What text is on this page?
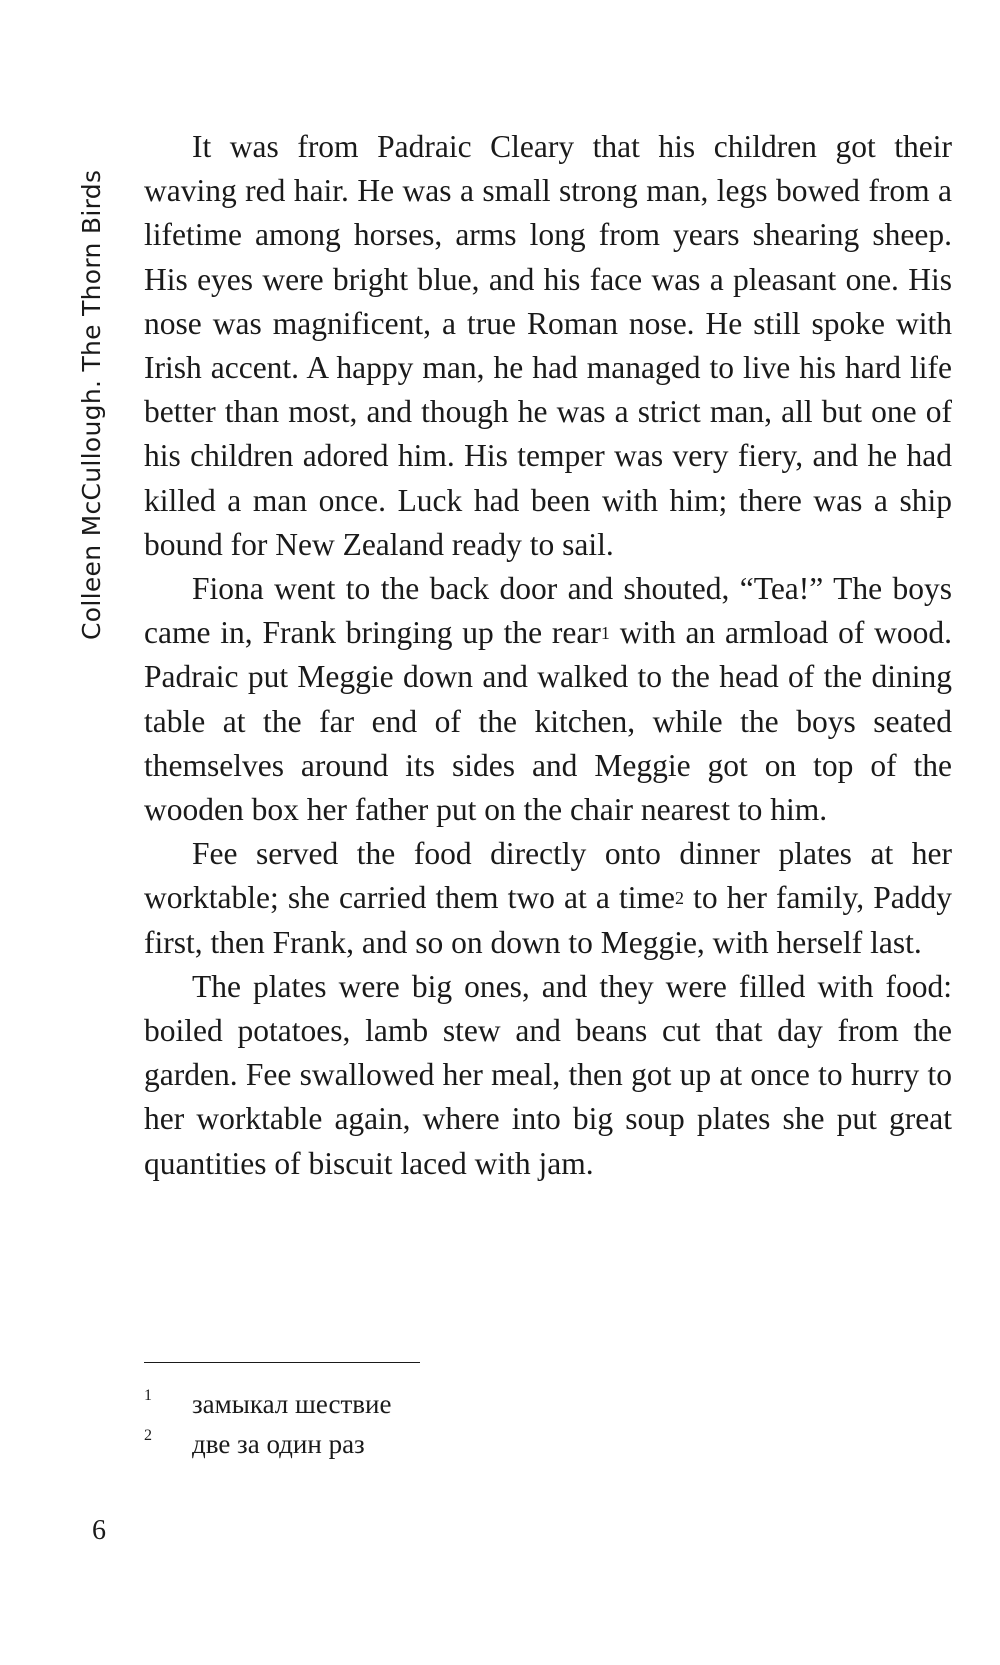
Colleen McCullough. The Thorn Birds

It was from Padraic Cleary that his children got their waving red hair. He was a small strong man, legs bowed from a lifetime among horses, arms long from years shearing sheep. His eyes were bright blue, and his face was a pleasant one. His nose was magnificent, a true Roman nose. He still spoke with Irish accent. A happy man, he had managed to live his hard life better than most, and though he was a strict man, all but one of his children adored him. His temper was very fiery, and he had killed a man once. Luck had been with him; there was a ship bound for New Zealand ready to sail.

Fiona went to the back door and shouted, “Tea!” The boys came in, Frank bringing up the rear$^1$ with an armload of wood. Padraic put Meggie down and walked to the head of the dining table at the far end of the kitchen, while the boys seated themselves around its sides and Meggie got on top of the wooden box her father put on the chair nearest to him.

Fee served the food directly onto dinner plates at her worktable; she carried them two at a time$^2$ to her family, Paddy first, then Frank, and so on down to Meggie, with herself last.

The plates were big ones, and they were filled with food: boiled potatoes, lamb stew and beans cut that day from the garden. Fee swallowed her meal, then got up at once to hurry to her worktable again, where into big soup plates she put great quantities of biscuit laced with jam.

1	замыкал шествие
2	две за один раз
6
